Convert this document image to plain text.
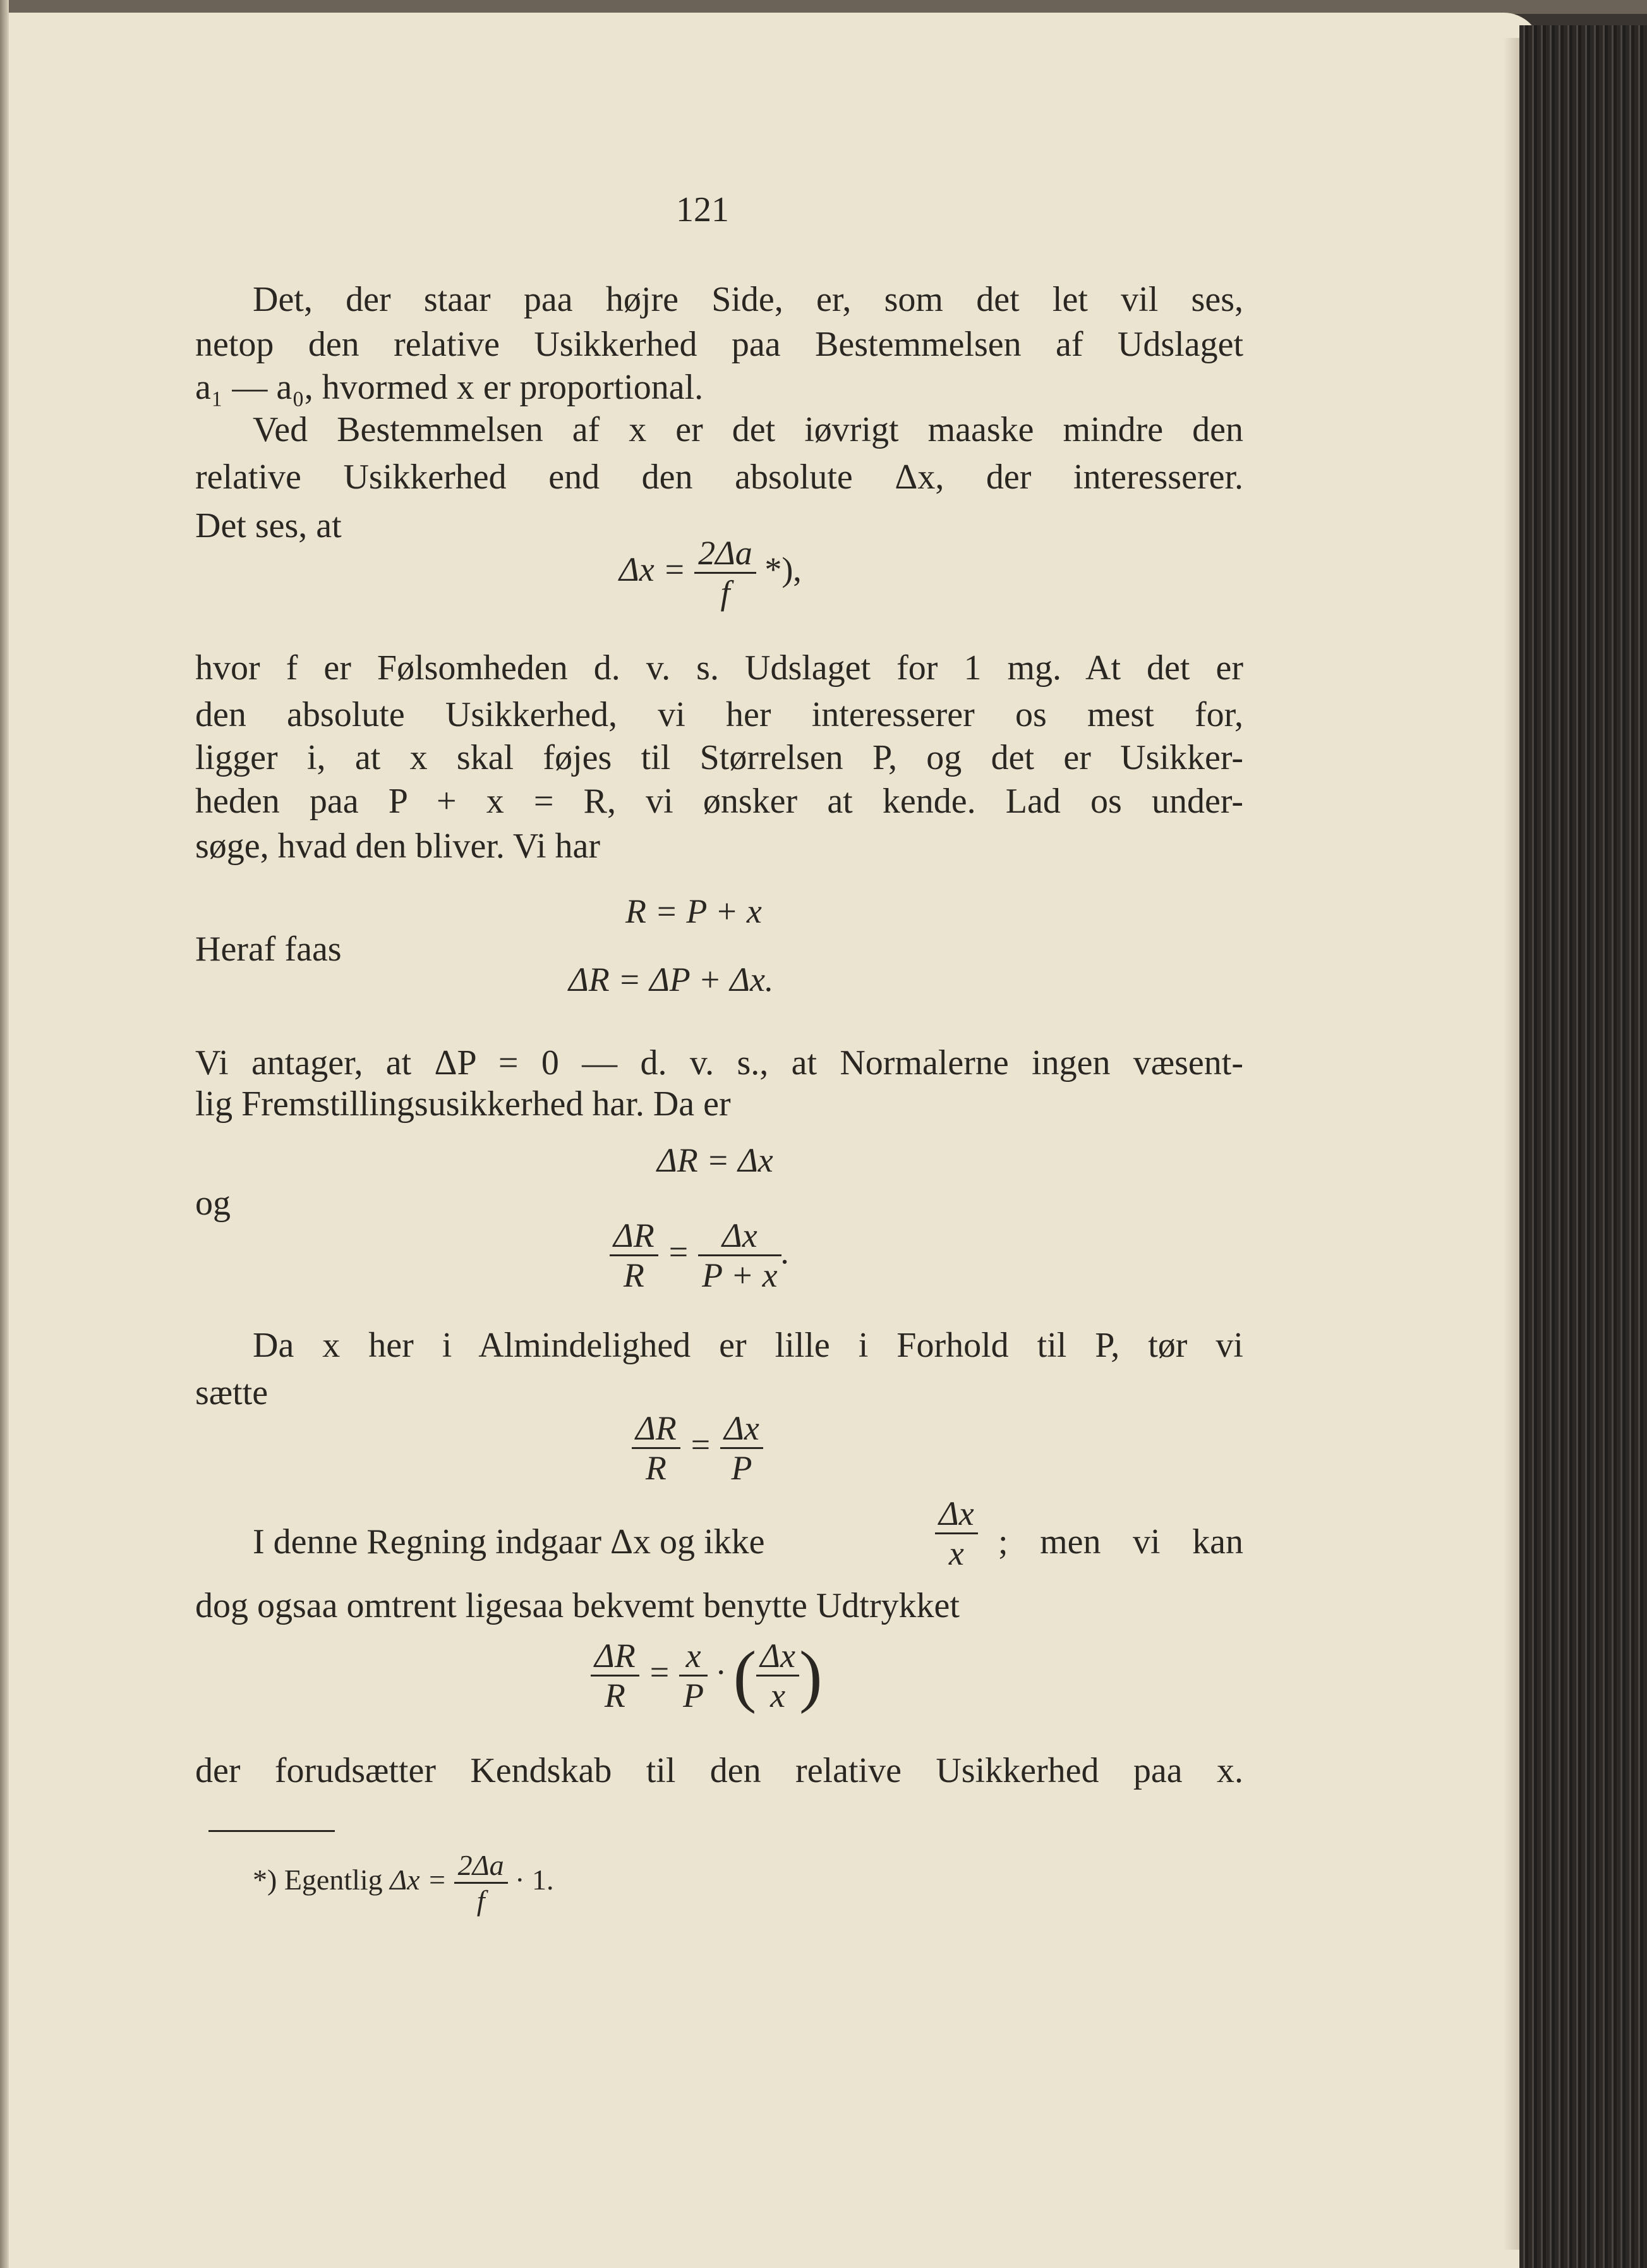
121
Det, der staar paa højre Side, er, som det let vil ses,
netop den relative Usikkerhed paa Bestemmelsen af Udslaget
a₁ — a₀, hvormed x er proportional.
Ved Bestemmelsen af x er det iøvrigt maaske mindre den
relative Usikkerhed end den absolute Δx, der interesserer.
Det ses, at
$\Delta x = \frac{2\Delta a}{f}$ *),
hvor f er Følsomheden d. v. s. Udslaget for 1 mg. At det er
den absolute Usikkerhed, vi her interesserer os mest for,
ligger i, at x skal føjes til Størrelsen P, og det er Usikker-
heden paa P + x = R, vi ønsker at kende. Lad os under-
søge, hvad den bliver. Vi har
R = P + x
Heraf faas
ΔR = ΔP + Δx.
Vi antager, at ΔP = 0 — d. v. s., at Normalerne ingen væsent-
lig Fremstillingsusikkerhed har. Da er
ΔR = Δx
og
$\frac{\Delta R}{R} = \frac{\Delta x}{P + x}$ .
Da x her i Almindelighed er lille i Forhold til P, tør vi
sætte
$\frac{\Delta R}{R} = \frac{\Delta x}{P}$
I denne Regning indgaar Δx og ikke	$\frac{\Delta x}{x}$ ; men vi kan
dog ogsaa omtrent ligesaa bekvemt benytte Udtrykket
$\frac{\Delta R}{R} = \frac{x}{P}$ · ( $\frac{\Delta x}{x}$ )
der forudsætter Kendskab til den relative Usikkerhed paa x.
*) Egentlig $\Delta x = \frac{2\Delta a}{f} \cdot 1$.
